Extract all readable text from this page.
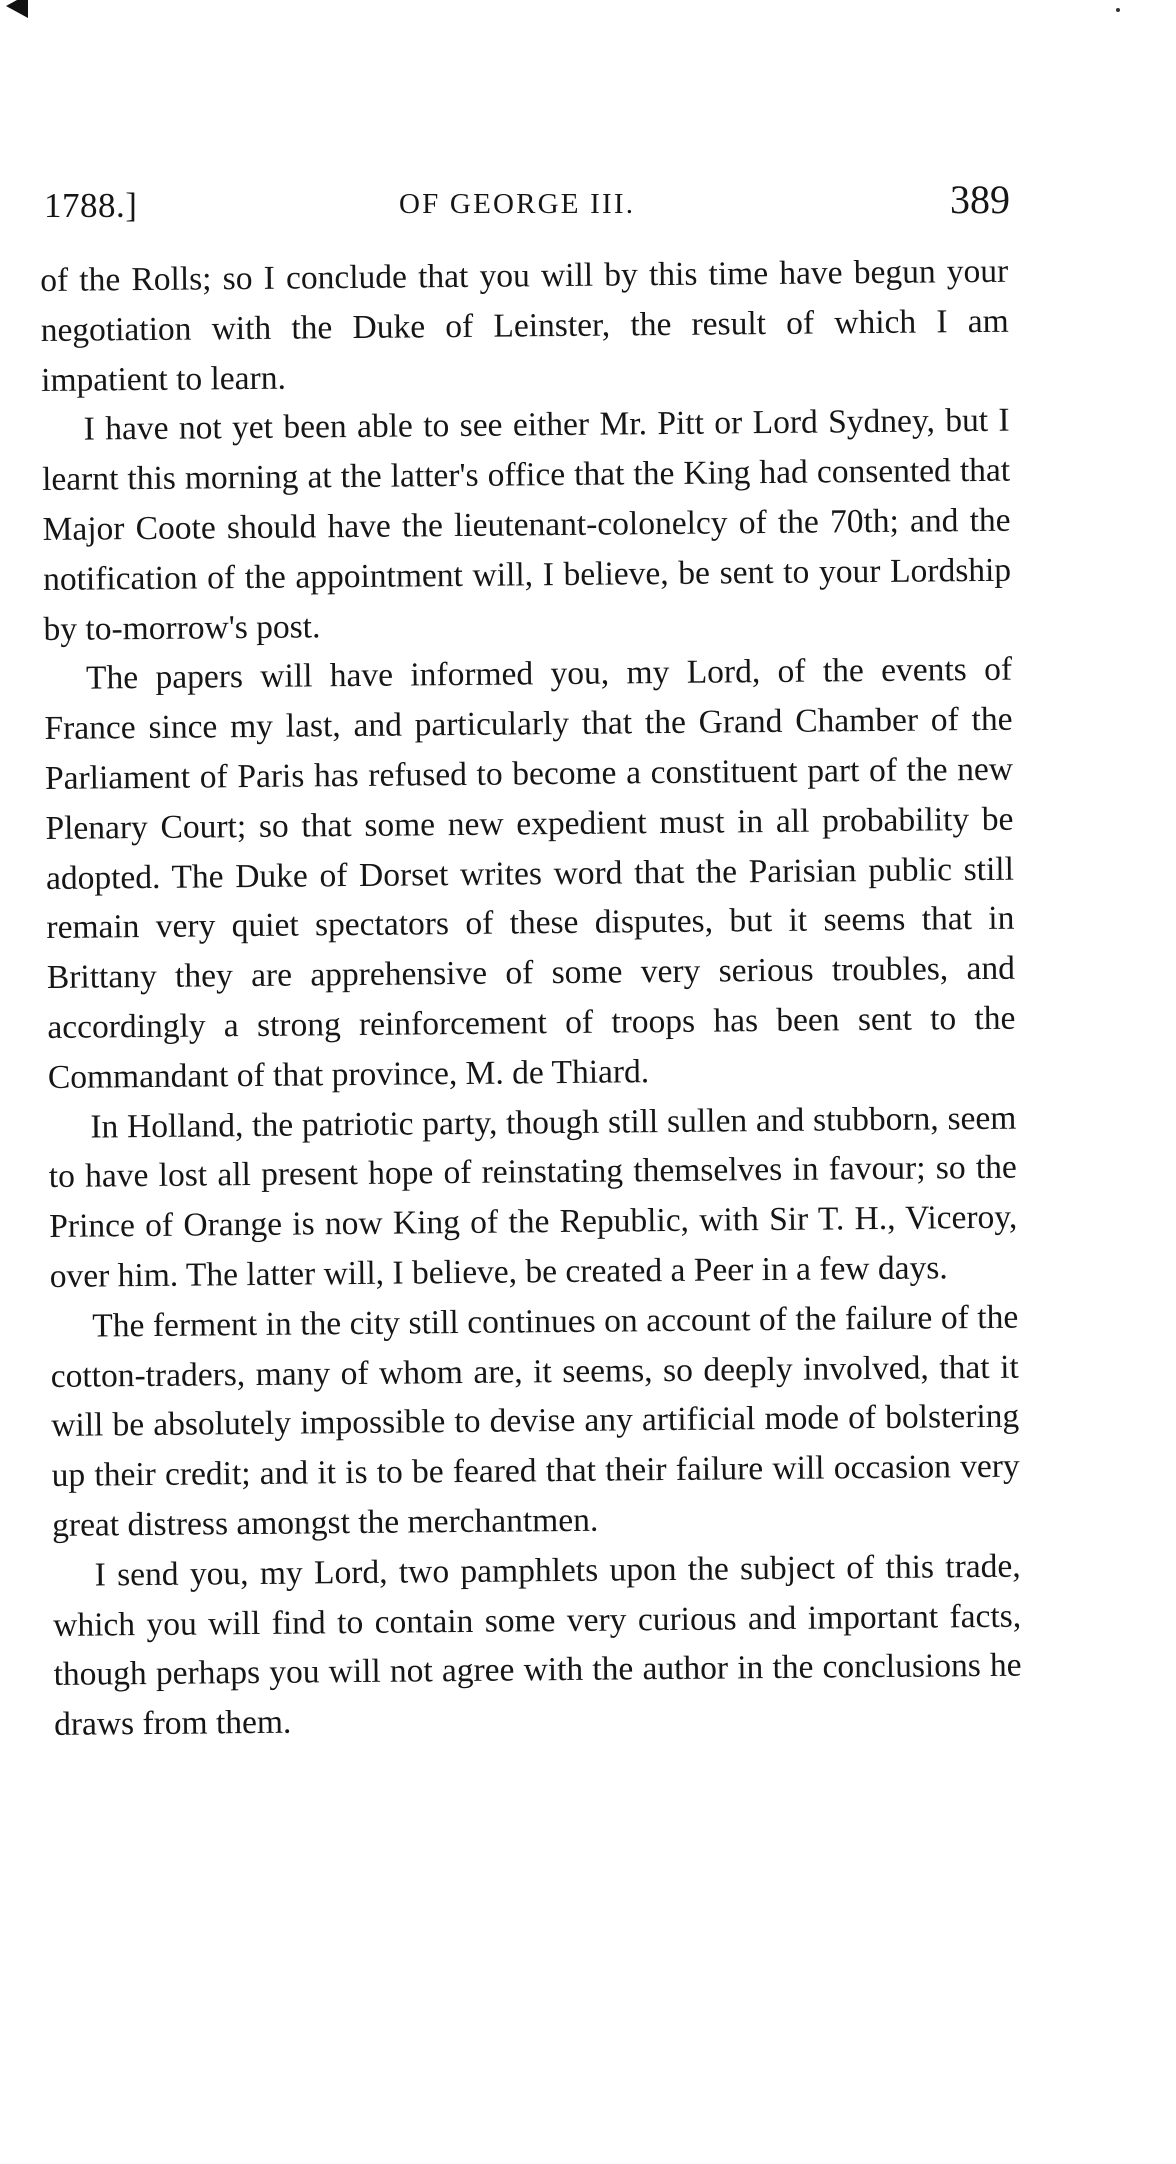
1788.]	OF GEORGE III.	389

of the Rolls; so I conclude that you will by this time have begun your negotiation with the Duke of Leinster, the result of which I am impatient to learn.

I have not yet been able to see either Mr. Pitt or Lord Sydney, but I learnt this morning at the latter's office that the King had consented that Major Coote should have the lieutenant-colonelcy of the 70th; and the notification of the appointment will, I believe, be sent to your Lordship by to-morrow's post.

The papers will have informed you, my Lord, of the events of France since my last, and particularly that the Grand Chamber of the Parliament of Paris has refused to become a constituent part of the new Plenary Court; so that some new expedient must in all probability be adopted. The Duke of Dorset writes word that the Parisian public still remain very quiet spectators of these disputes, but it seems that in Brittany they are apprehensive of some very serious troubles, and accordingly a strong reinforcement of troops has been sent to the Commandant of that province, M. de Thiard.

In Holland, the patriotic party, though still sullen and stubborn, seem to have lost all present hope of reinstating themselves in favour; so the Prince of Orange is now King of the Republic, with Sir T. H., Viceroy, over him. The latter will, I believe, be created a Peer in a few days.

The ferment in the city still continues on account of the failure of the cotton-traders, many of whom are, it seems, so deeply involved, that it will be absolutely impossible to devise any artificial mode of bolstering up their credit; and it is to be feared that their failure will occasion very great distress amongst the merchantmen.

I send you, my Lord, two pamphlets upon the subject of this trade, which you will find to contain some very curious and important facts, though perhaps you will not agree with the author in the conclusions he draws from them.
